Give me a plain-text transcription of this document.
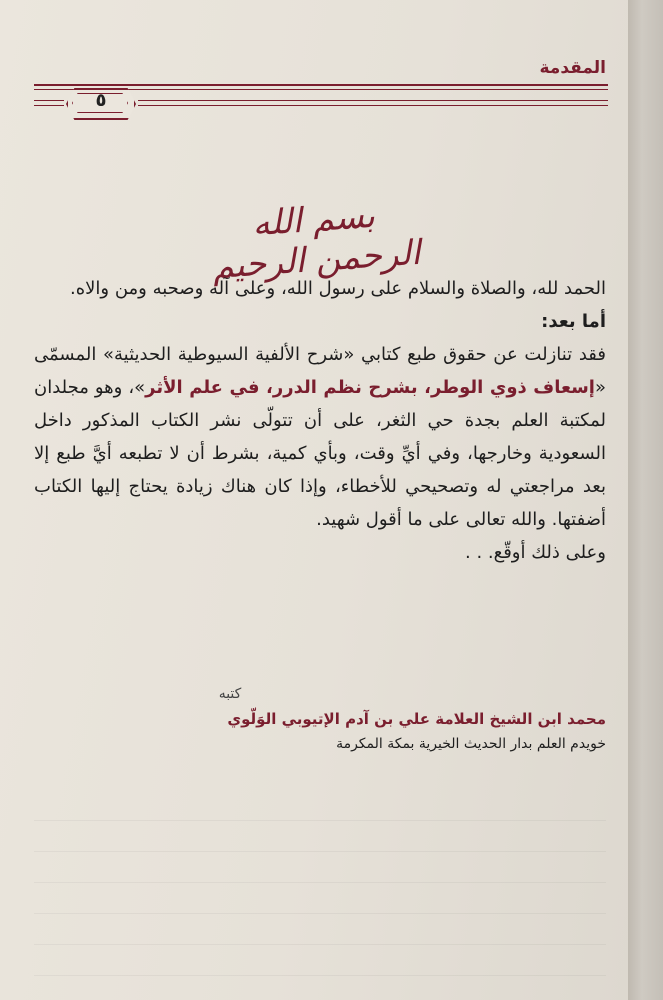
المقدمة
٥
بسم الله الرحمن الرحيم

الحمد لله، والصلاة والسلام على رسول الله، وعلى آله وصحبه ومن والاه.

أما بعد:

فقد تنازلت عن حقوق طبع كتابي «شرح الألفية السيوطية الحديثية» المسمّى «إسعاف ذوي الوطر، بشرح نظم الدرر، في علم الأثر»، وهو مجلدان لمكتبة العلم بجدة حي الثغر، على أن تتولّى نشر الكتاب المذكور داخل السعودية وخارجها، وفي أيِّ وقت، وبأي كمية، بشرط أن لا تطبعه أيَّ طبع إلا بعد مراجعتي له وتصحيحي للأخطاء، وإذا كان هناك زيادة يحتاج إليها الكتاب أضفتها. والله تعالى على ما أقول شهيد.

وعلى ذلك أوقّع. . .

كتبه
محمد ابن الشيخ العلامة علي بن آدم الإتيوبي الوَلّوي
خويدم العلم بدار الحديث الخيرية بمكة المكرمة
